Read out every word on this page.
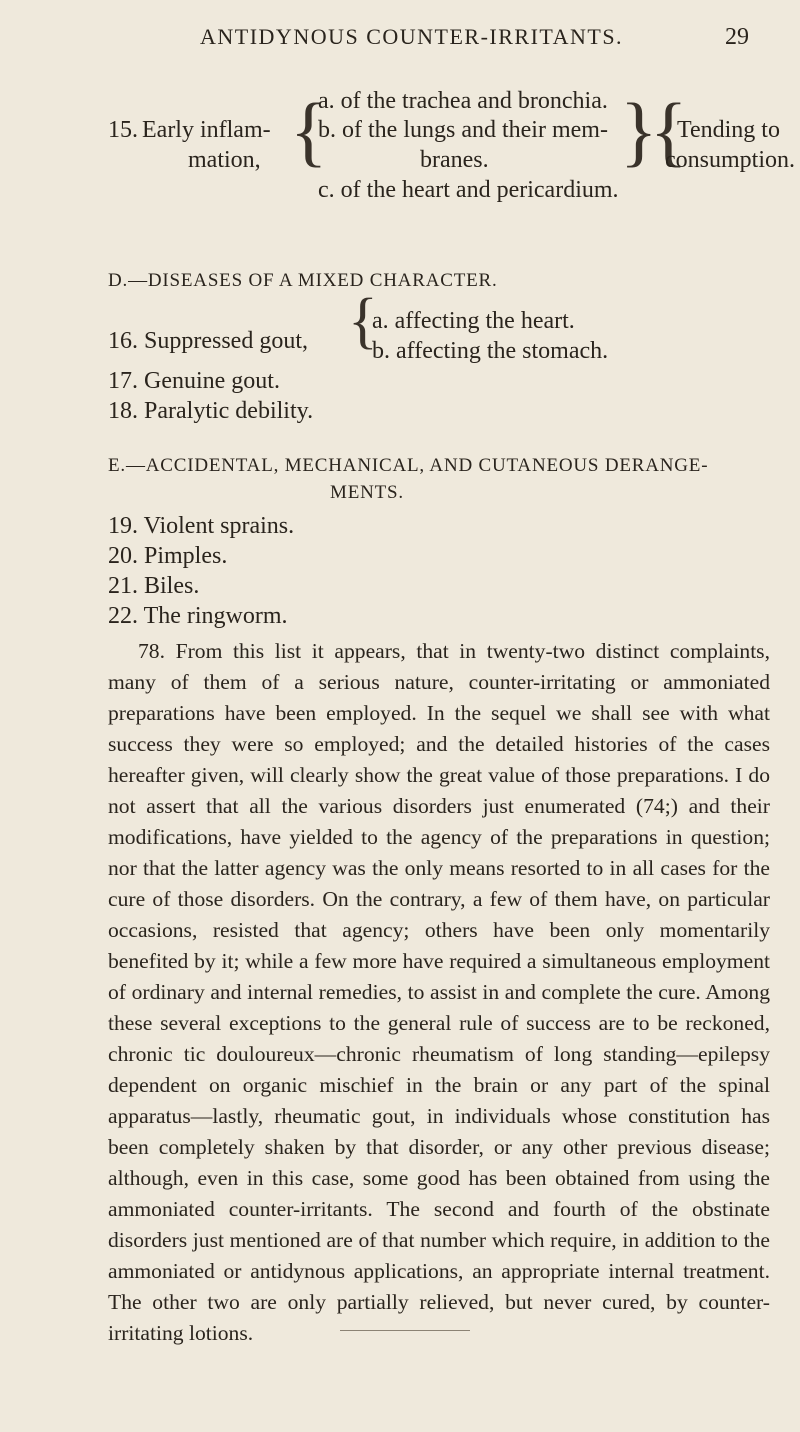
ANTIDYNOUS COUNTER-IRRITANTS.	29
15. Early inflam-
mation, {
a. of the trachea and bronchia.
b. of the lungs and their mem-
branes.
c. of the heart and pericardium.
}
{
Tending to
consumption.
D.—DISEASES OF A MIXED CHARACTER.
16. Suppressed gout, {
a. affecting the heart.
b. affecting the stomach.
17. Genuine gout.
18. Paralytic debility.
E.—ACCIDENTAL, MECHANICAL, AND CUTANEOUS DERANGE-
MENTS.
19. Violent sprains.
20. Pimples.
21. Biles.
22. The ringworm.

78. From this list it appears, that in twenty-two distinct complaints, many of them of a serious nature, counter-irritating or ammoniated preparations have been employed. In the sequel we shall see with what success they were so employed; and the detailed histories of the cases hereafter given, will clearly show the great value of those preparations. I do not assert that all the various disorders just enumerated (74;) and their modifications, have yielded to the agency of the preparations in question; nor that the latter agency was the only means resorted to in all cases for the cure of those disorders. On the contrary, a few of them have, on particular occasions, resisted that agency; others have been only momentarily benefited by it; while a few more have required a simultaneous employment of ordinary and internal remedies, to assist in and complete the cure. Among these several exceptions to the general rule of success are to be reckoned, chronic tic douloureux—chronic rheumatism of long standing—epilepsy dependent on organic mischief in the brain or any part of the spinal apparatus—lastly, rheumatic gout, in individuals whose constitution has been completely shaken by that disorder, or any other previous disease; although, even in this case, some good has been obtained from using the ammoniated counter-irritants. The second and fourth of the obstinate disorders just mentioned are of that number which require, in addition to the ammoniated or antidynous applications, an appropriate internal treatment. The other two are only partially relieved, but never cured, by counter-irritating lotions.
